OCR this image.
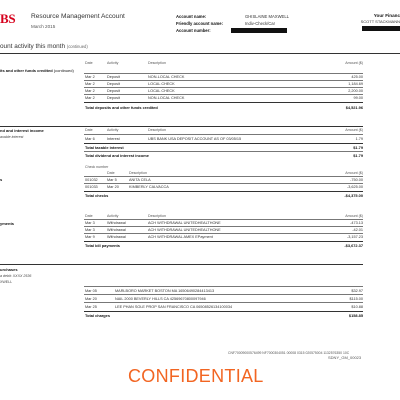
BS Resource Management Account
March 2015
Account name:	GHISLAINE MAXWELL
Friendly account name:	Indiv-Check/Car
Account number:
Your Financ
SCOTT STACKMANN
ount activity this month (continued)
Date	Activity	Description	Amount ($)
its and other funds credited (continued)
Mar 2	Deposit	NON-LOCAL CHECK	425.00
Mar 2	Deposit	LOCAL CHECK	1,184.69
Mar 2	Deposit	LOCAL CHECK	2,200.00
Mar 2	Deposit	NON-LOCAL CHECK	99.00
Total deposits and other funds credited	$4,521.96
nd and interest income	Date	Activity	Description	Amount ($)
axable interest	Mar 6	Interest	UBS BANK USA DEPOSIT ACCOUNT AS OF 03/05/15	1.79
Total taxable interest	$1.79
Total dividend and interest income	$1.79
Check number
Date	Description	Amount ($)
s	001032 Mar 5	ANITA CELA	-750.00
001033 Mar 20	KIMBERLY CALVACCA	-3,625.00
Total checks	-$4,375.00
Date	Activity	Description	Amount ($)
yments	Mar 3	Withdrawal	ACH WITHDRAWAL UNITEDHEALTHONE	-473.13
Mar 3	Withdrawal	ACH WITHDRAWAL UNITEDHEALTHONE	-42.01
Mar 9	Withdrawal	ACH WITHDRAWAL AMEX EPayment	-3,157.23
Total bill payments	-$3,672.37
urchases
a debit: XXXX 2536
XWELL
Mar 05	MARLBORO MARKET BOSTON MA 16506490284413413	$32.97
Mar 20	NAIL 2000 BEVERLY HILLS CA 42569670800097946	$115.00
Mar 25	LEE PHAN SOLE PROP SAN FRANCISCO CA 06508526134100034	$10.88
Total charges	$158.85
CNF70009000576499 NF7000304051 00008 0315 020575004 1132576350 10C
SDNY_GM_00023
CONFIDENTIAL
